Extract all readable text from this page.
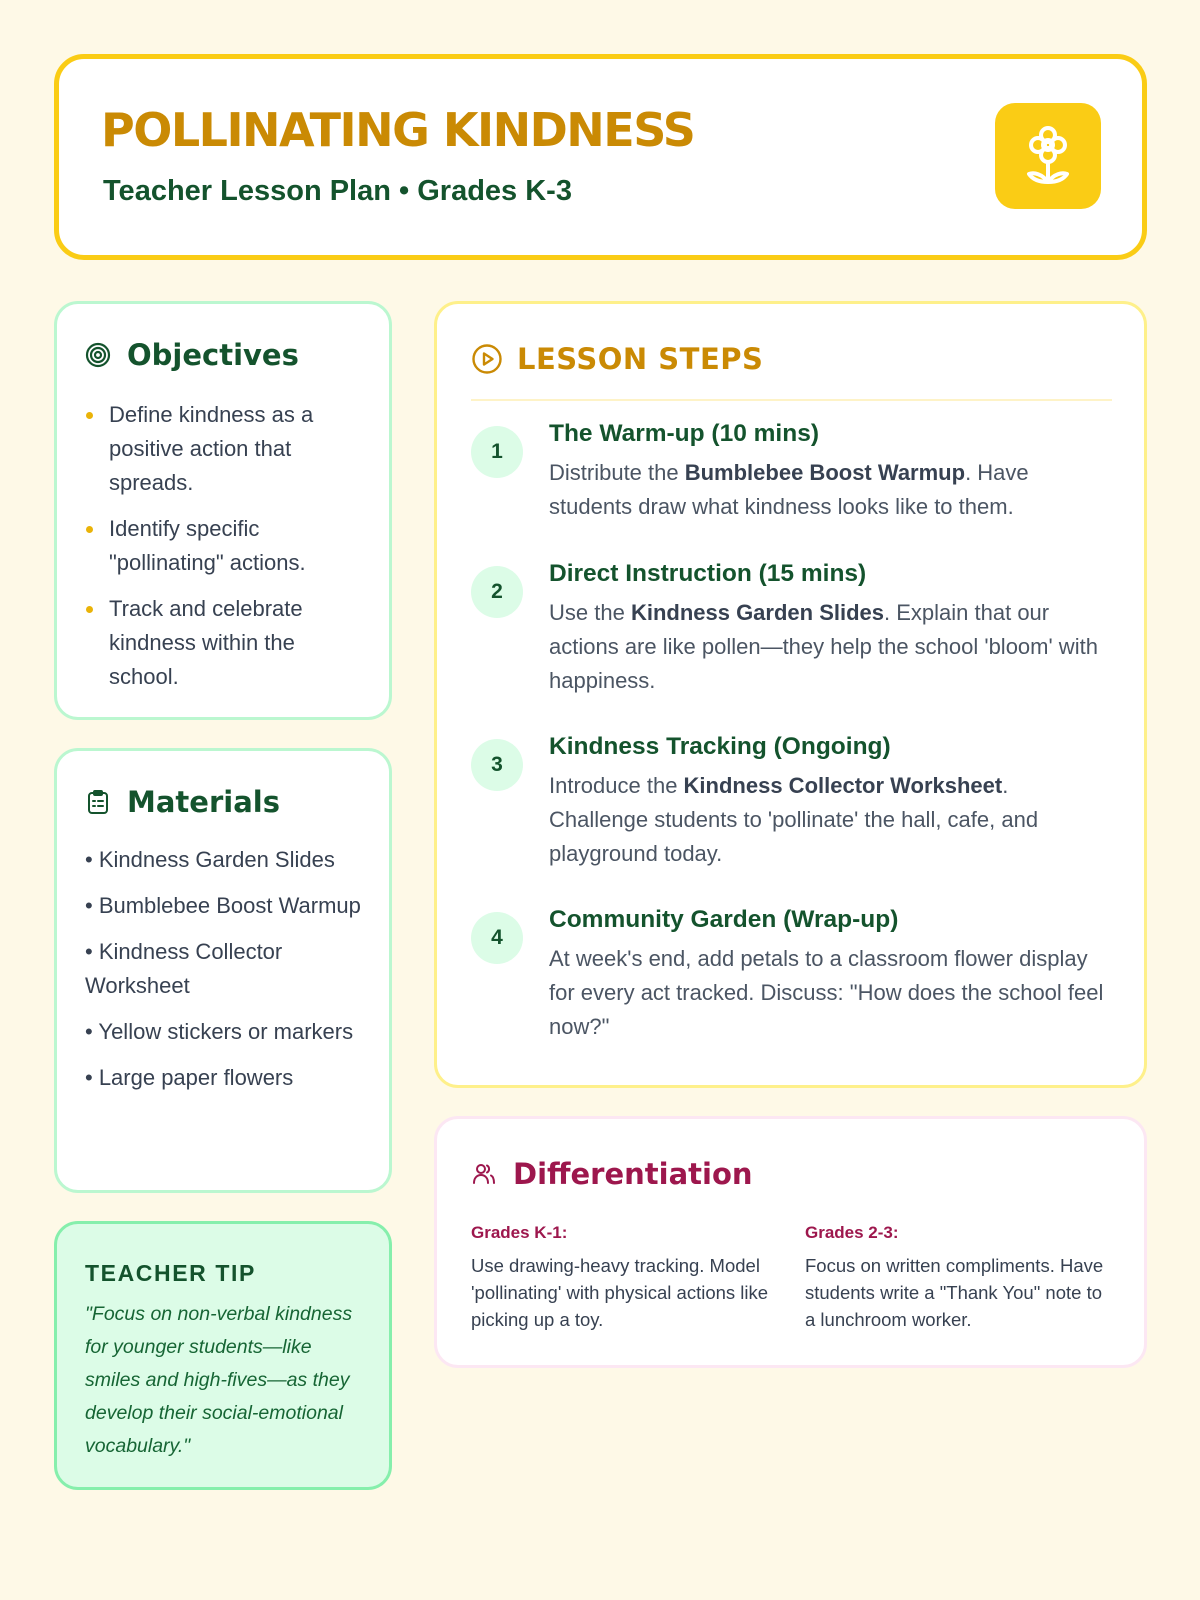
POLLINATING KINDNESS
Teacher Lesson Plan • Grades K-3
Objectives
Define kindness as a positive action that spreads.
Identify specific "pollinating" actions.
Track and celebrate kindness within the school.
Materials
• Kindness Garden Slides
• Bumblebee Boost Warmup
• Kindness Collector Worksheet
• Yellow stickers or markers
• Large paper flowers
TEACHER TIP
"Focus on non-verbal kindness for younger students—like smiles and high-fives—as they develop their social-emotional vocabulary."
LESSON STEPS
1
The Warm-up (10 mins)
Distribute the Bumblebee Boost Warmup. Have students draw what kindness looks like to them.
2
Direct Instruction (15 mins)
Use the Kindness Garden Slides. Explain that our actions are like pollen—they help the school 'bloom' with happiness.
3
Kindness Tracking (Ongoing)
Introduce the Kindness Collector Worksheet. Challenge students to 'pollinate' the hall, cafe, and playground today.
4
Community Garden (Wrap-up)
At week's end, add petals to a classroom flower display for every act tracked. Discuss: "How does the school feel now?"
Differentiation
Grades K-1:

Use drawing-heavy tracking. Model 'pollinating' with physical actions like picking up a toy.

Grades 2-3:

Focus on written compliments. Have students write a "Thank You" note to a lunchroom worker.
